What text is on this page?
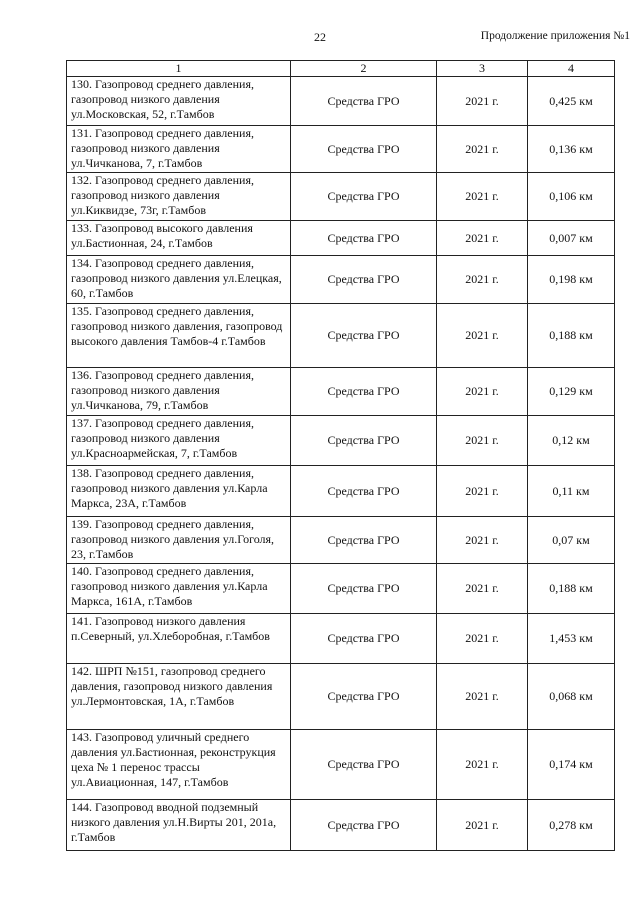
22	Продолжение приложения №1
1	2	3	4
130. Газопровод среднего давления,
газопровод низкого давления
ул.Московская, 52, г.Тамбов	Средства ГРО	2021 г.	0,425 км
131. Газопровод среднего давления,
газопровод низкого давления
ул.Чичканова, 7, г.Тамбов	Средства ГРО	2021 г.	0,136 км
132. Газопровод среднего давления,
газопровод низкого давления
ул.Киквидзе, 73г, г.Тамбов	Средства ГРО	2021 г.	0,106 км
133. Газопровод высокого давления
ул.Бастионная, 24, г.Тамбов	Средства ГРО	2021 г.	0,007 км
134. Газопровод среднего давления,
газопровод низкого давления ул.Елецкая,
60, г.Тамбов	Средства ГРО	2021 г.	0,198 км
135. Газопровод среднего давления,
газопровод низкого давления, газопровод
высокого давления Тамбов-4 г.Тамбов	Средства ГРО	2021 г.	0,188 км
136. Газопровод среднего давления,
газопровод низкого давления
ул.Чичканова, 79, г.Тамбов	Средства ГРО	2021 г.	0,129 км
137. Газопровод среднего давления,
газопровод низкого давления
ул.Красноармейская, 7, г.Тамбов	Средства ГРО	2021 г.	0,12 км
138. Газопровод среднего давления,
газопровод низкого давления ул.Карла
Маркса, 23А, г.Тамбов	Средства ГРО	2021 г.	0,11 км
139. Газопровод среднего давления,
газопровод низкого давления ул.Гоголя,
23, г.Тамбов	Средства ГРО	2021 г.	0,07 км
140. Газопровод среднего давления,
газопровод низкого давления ул.Карла
Маркса, 161А, г.Тамбов	Средства ГРО	2021 г.	0,188 км
141. Газопровод низкого давления
п.Северный, ул.Хлеборобная, г.Тамбов	Средства ГРО	2021 г.	1,453 км
142. ШРП №151, газопровод среднего
давления, газопровод низкого давления
ул.Лермонтовская, 1А, г.Тамбов	Средства ГРО	2021 г.	0,068 км
143. Газопровод уличный среднего
давления ул.Бастионная, реконструкция
цеха № 1 перенос трассы
ул.Авиационная, 147, г.Тамбов	Средства ГРО	2021 г.	0,174 км
144. Газопровод вводной подземный
низкого давления ул.Н.Вирты 201, 201а,
г.Тамбов	Средства ГРО	2021 г.	0,278 км
